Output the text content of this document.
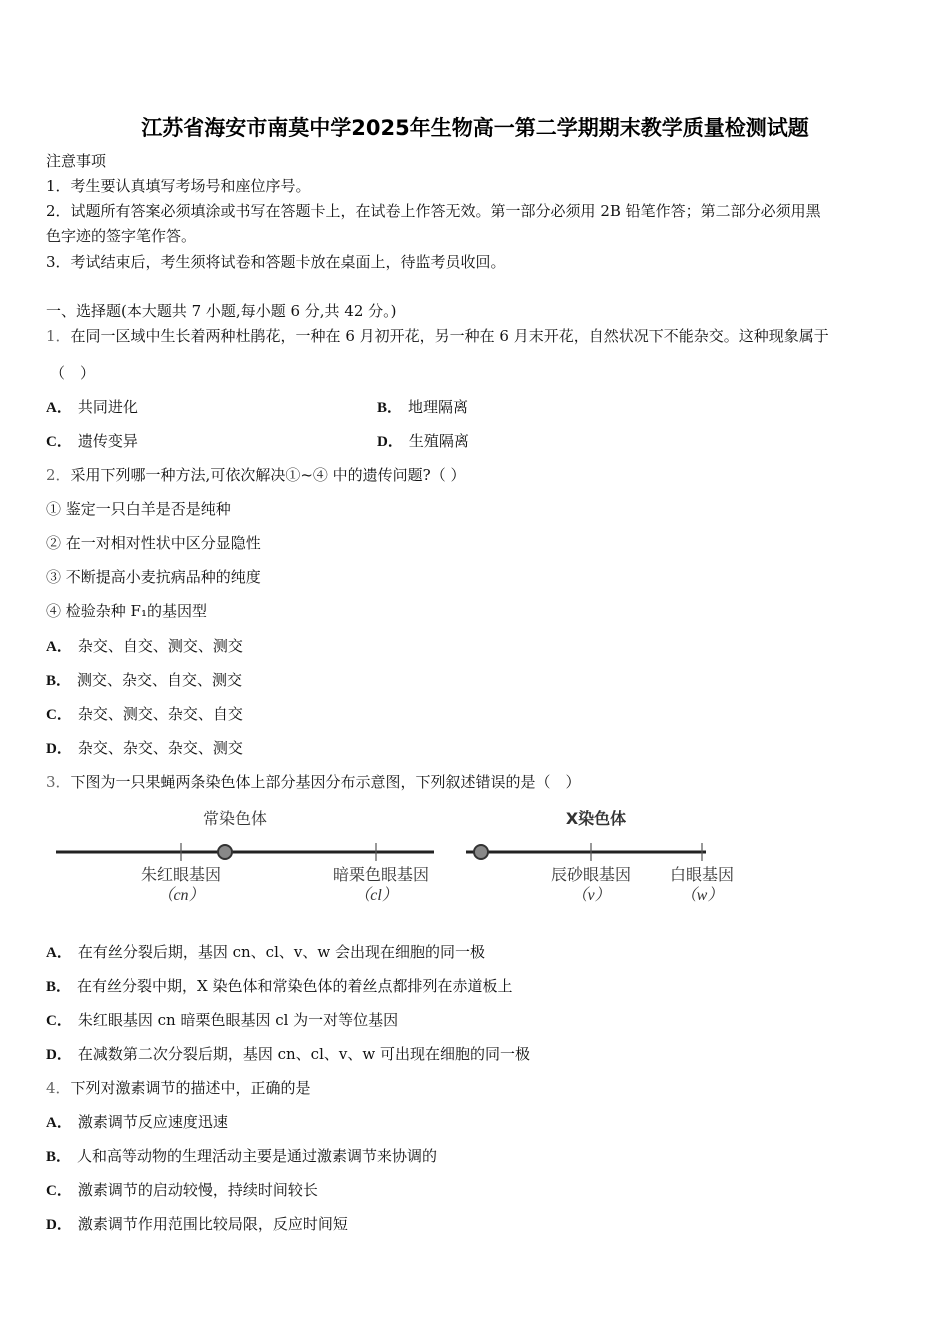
江苏省海安市南莫中学2025年生物高一第二学期期末教学质量检测试题
注意事项
1．考生要认真填写考场号和座位序号。
2．试题所有答案必须填涂或书写在答题卡上，在试卷上作答无效。第一部分必须用 2B 铅笔作答；第二部分必须用黑
色字迹的签字笔作答。
3．考试结束后，考生须将试卷和答题卡放在桌面上，待监考员收回。
一、选择题(本大题共 7 小题,每小题 6 分,共 42 分。)
1．在同一区域中生长着两种杜鹃花，一种在 6 月初开花，另一种在 6 月末开花，自然状况下不能杂交。这种现象属于
（　）
A． 共同进化	B． 地理隔离
C． 遗传变异	D． 生殖隔离
2．采用下列哪一种方法,可依次解决①~④ 中的遗传问题?（ ）
① 鉴定一只白羊是否是纯种
② 在一对相对性状中区分显隐性
③ 不断提高小麦抗病品种的纯度
④ 检验杂种 F₁的基因型
A． 杂交、自交、测交、测交
B． 测交、杂交、自交、测交
C． 杂交、测交、杂交、自交
D． 杂交、杂交、杂交、测交
3．下图为一只果蝇两条染色体上部分基因分布示意图，下列叙述错误的是（　）
常染色体
朱红眼基因
（cn）
暗栗色眼基因
（cl）
X染色体
辰砂眼基因
（v）
白眼基因
（w）
A． 在有丝分裂后期，基因 cn、cl、v、w 会出现在细胞的同一极
B． 在有丝分裂中期，X 染色体和常染色体的着丝点都排列在赤道板上
C． 朱红眼基因 cn 暗栗色眼基因 cl 为一对等位基因
D． 在减数第二次分裂后期，基因 cn、cl、v、w 可出现在细胞的同一极
4．下列对激素调节的描述中，正确的是
A． 激素调节反应速度迅速
B． 人和高等动物的生理活动主要是通过激素调节来协调的
C． 激素调节的启动较慢，持续时间较长
D． 激素调节作用范围比较局限，反应时间短
